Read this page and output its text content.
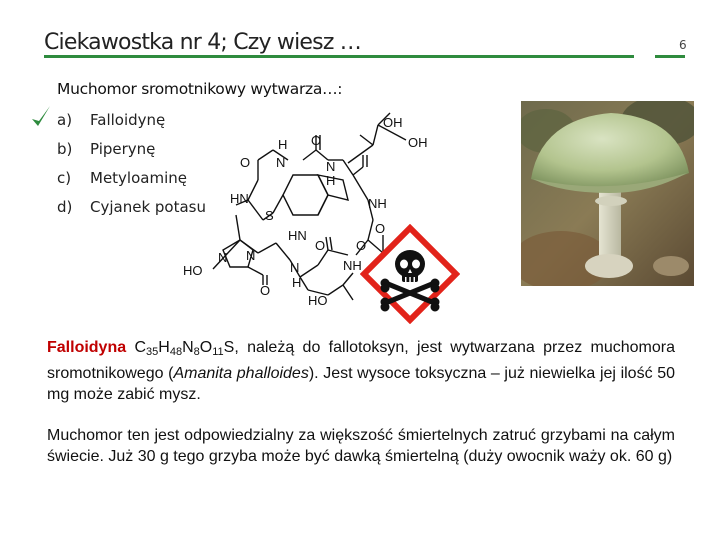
Ciekawostka nr 4; Czy wiesz …	6
Muchomor sromotnikowy wytwarza…:
a)	Falloidynę
b)	Piperynę
c)	Metyloaminę
d)	Cyjanek potasu
OH
OH
O
O
H
N	N
H
HN
S
N
HN
NH
O
O
HO
N
O
N
H
NH
HO
O

Falloidyna $C_{35}H_{48}N_8O_{11}S$, należą do fallotoksyn, jest wytwarzana przez muchomora sromotnikowego (Amanita phalloides). Jest wysoce toksyczna – już niewielka jej ilość 50 mg może zabić mysz.

Muchomor ten jest odpowiedzialny za większość śmiertelnych zatruć grzybami na całym świecie. Już 30 g tego grzyba może być dawką śmiertelną (duży owocnik waży ok. 60 g)
